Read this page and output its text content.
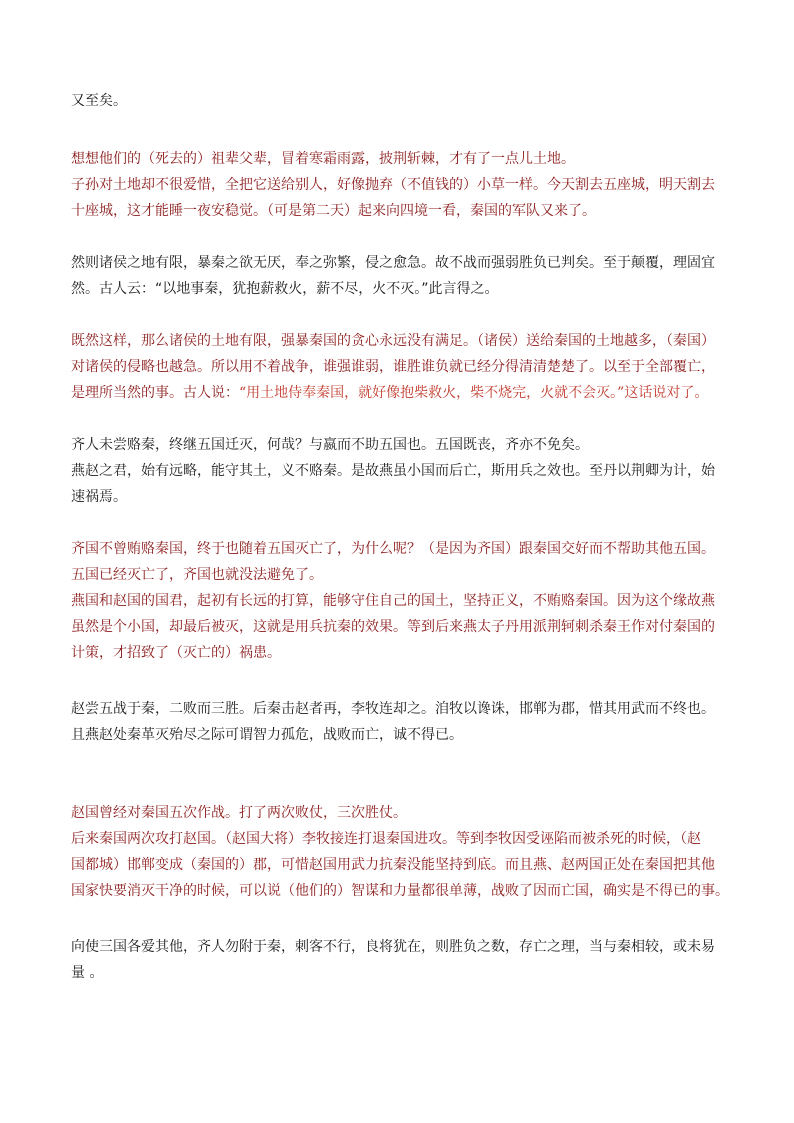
又至矣。
想想他们的（死去的）祖辈父辈，冒着寒霜雨露，披荆斩棘，才有了一点儿土地。
子孙对土地却不很爱惜，全把它送给别人，好像抛弃（不值钱的）小草一样。今天割去五座城，明天割去
十座城，这才能睡一夜安稳觉。（可是第二天）起来向四境一看，秦国的军队又来了。
然则诸侯之地有限，暴秦之欲无厌，奉之弥繁，侵之愈急。故不战而强弱胜负已判矣。至于颠覆，理固宜
然。古人云：“以地事秦，犹抱薪救火，薪不尽，火不灭。”此言得之。
既然这样，那么诸侯的土地有限，强暴秦国的贪心永远没有满足。（诸侯）送给秦国的土地越多，（秦国）
对诸侯的侵略也越急。所以用不着战争，谁强谁弱，谁胜谁负就已经分得清清楚楚了。以至于全部覆亡，
是理所当然的事。古人说：“用土地侍奉秦国，就好像抱柴救火，柴不烧完，火就不会灭。”这话说对了。
齐人未尝赂秦，终继五国迁灭，何哉？与嬴而不助五国也。五国既丧，齐亦不免矣。
燕赵之君，始有远略，能守其土，义不赂秦。是故燕虽小国而后亡，斯用兵之效也。至丹以荆卿为计，始
速祸焉。
齐国不曾贿赂秦国，终于也随着五国灭亡了，为什么呢？（是因为齐国）跟秦国交好而不帮助其他五国。
五国已经灭亡了，齐国也就没法避免了。
燕国和赵国的国君，起初有长远的打算，能够守住自己的国土，坚持正义，不贿赂秦国。因为这个缘故燕
虽然是个小国，却最后被灭，这就是用兵抗秦的效果。等到后来燕太子丹用派荆轲刺杀秦王作对付秦国的
计策，才招致了（灭亡的）祸患。
赵尝五战于秦，二败而三胜。后秦击赵者再，李牧连却之。洎牧以谗诛，邯郸为郡，惜其用武而不终也。
且燕赵处秦革灭殆尽之际可谓智力孤危，战败而亡，诚不得已。
赵国曾经对秦国五次作战。打了两次败仗，三次胜仗。
后来秦国两次攻打赵国。（赵国大将）李牧接连打退秦国进攻。等到李牧因受诬陷而被杀死的时候，（赵
国都城）邯郸变成（秦国的）郡，可惜赵国用武力抗秦没能坚持到底。而且燕、赵两国正处在秦国把其他
国家快要消灭干净的时候，可以说（他们的）智谋和力量都很单薄，战败了因而亡国，确实是不得已的事。
向使三国各爱其他，齐人勿附于秦，刺客不行，良将犹在，则胜负之数，存亡之理，当与秦相较，或未易
量 。
